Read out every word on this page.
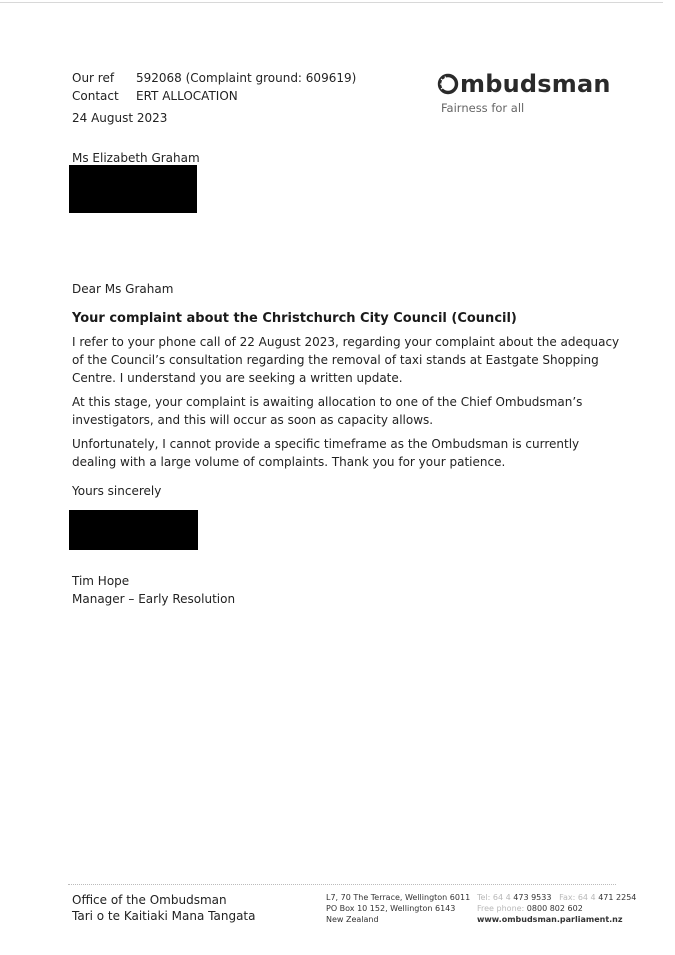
Our ref	592068 (Complaint ground: 609619)
Contact	ERT ALLOCATION
24 August 2023
mbudsman
Fairness for all
Ms Elizabeth Graham
Dear Ms Graham
Your complaint about the Christchurch City Council (Council)

I refer to your phone call of 22 August 2023, regarding your complaint about the adequacy of the Council’s consultation regarding the removal of taxi stands at Eastgate Shopping Centre. I understand you are seeking a written update.

At this stage, your complaint is awaiting allocation to one of the Chief Ombudsman’s investigators, and this will occur as soon as capacity allows.

Unfortunately, I cannot provide a specific timeframe as the Ombudsman is currently dealing with a large volume of complaints. Thank you for your patience.

Yours sincerely
Tim Hope
Manager – Early Resolution
Office of the Ombudsman
Tari o te Kaitiaki Mana Tangata
L7, 70 The Terrace, Wellington 6011
PO Box 10 152, Wellington 6143
New Zealand
Tel: 64 4 473 9533 Fax: 64 4 471 2254
Free phone: 0800 802 602
www.ombudsman.parliament.nz
